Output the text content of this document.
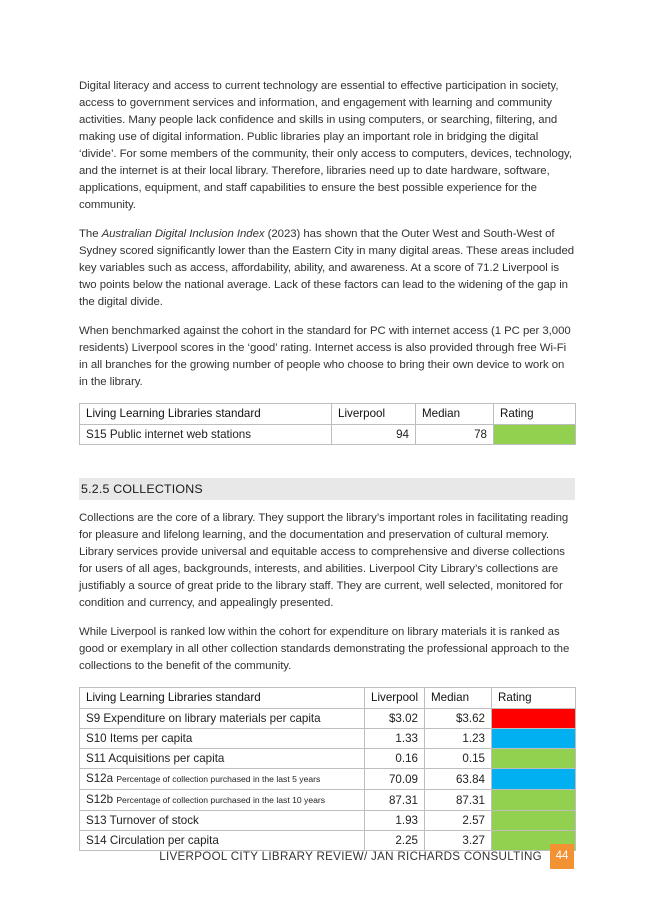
Digital literacy and access to current technology are essential to effective participation in society, access to government services and information, and engagement with learning and community activities. Many people lack confidence and skills in using computers, or searching, filtering, and making use of digital information. Public libraries play an important role in bridging the digital ‘divide’. For some members of the community, their only access to computers, devices, technology, and the internet is at their local library. Therefore, libraries need up to date hardware, software, applications, equipment, and staff capabilities to ensure the best possible experience for the community.

The Australian Digital Inclusion Index (2023) has shown that the Outer West and South-West of Sydney scored significantly lower than the Eastern City in many digital areas. These areas included key variables such as access, affordability, ability, and awareness. At a score of 71.2 Liverpool is two points below the national average. Lack of these factors can lead to the widening of the gap in the digital divide.

When benchmarked against the cohort in the standard for PC with internet access (1 PC per 3,000 residents) Liverpool scores in the ‘good’ rating. Internet access is also provided through free Wi-Fi in all branches for the growing number of people who choose to bring their own device to work on in the library.

Living Learning Libraries standard	Liverpool	Median	Rating
S15 Public internet web stations	94	78	
5.2.5 COLLECTIONS

Collections are the core of a library. They support the library’s important roles in facilitating reading for pleasure and lifelong learning, and the documentation and preservation of cultural memory. Library services provide universal and equitable access to comprehensive and diverse collections for users of all ages, backgrounds, interests, and abilities. Liverpool City Library’s collections are justifiably a source of great pride to the library staff. They are current, well selected, monitored for condition and currency, and appealingly presented.

While Liverpool is ranked low within the cohort for expenditure on library materials it is ranked as good or exemplary in all other collection standards demonstrating the professional approach to the collections to the benefit of the community.

Living Learning Libraries standard	Liverpool	Median	Rating
S9 Expenditure on library materials per capita	$3.02	$3.62	
S10 Items per capita	1.33	1.23	
S11 Acquisitions per capita	0.16	0.15	
S12a Percentage of collection purchased in the last 5 years	70.09	63.84	
S12b Percentage of collection purchased in the last 10 years	87.31	87.31	
S13 Turnover of stock	1.93	2.57	
S14 Circulation per capita	2.25	3.27	
LIVERPOOL CITY LIBRARY REVIEW/ JAN RICHARDS CONSULTING	44
